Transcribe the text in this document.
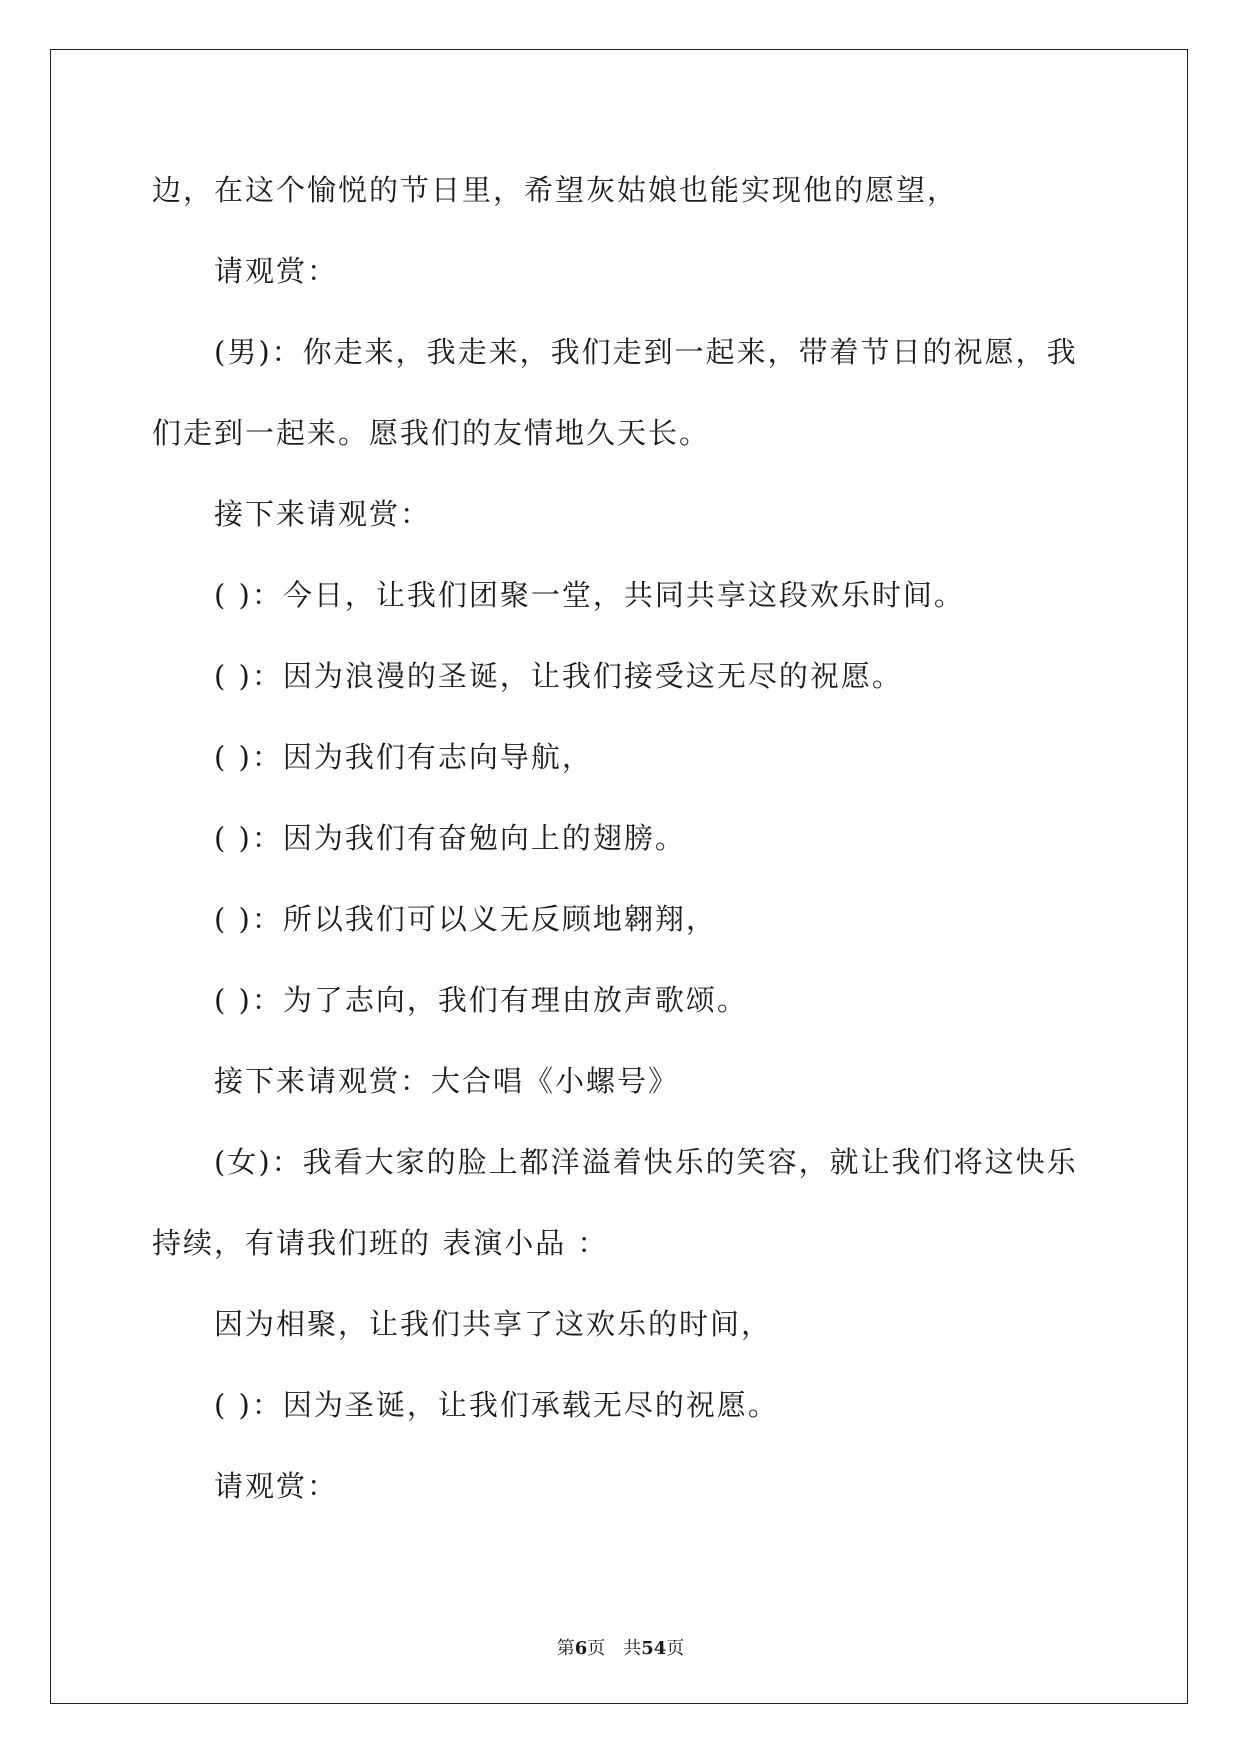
边，在这个愉悦的节日里，希望灰姑娘也能实现他的愿望，
请观赏：
(男)：你走来，我走来，我们走到一起来，带着节日的祝愿，我
们走到一起来。愿我们的友情地久天长。
接下来请观赏：
( )：今日，让我们团聚一堂，共同共享这段欢乐时间。
( )：因为浪漫的圣诞，让我们接受这无尽的祝愿。
( )：因为我们有志向导航，
( )：因为我们有奋勉向上的翅膀。
( )：所以我们可以义无反顾地翱翔，
( )：为了志向，我们有理由放声歌颂。
接下来请观赏：大合唱《小螺号》
(女)：我看大家的脸上都洋溢着快乐的笑容，就让我们将这快乐
持续，有请我们班的 表演小品 ：
因为相聚，让我们共享了这欢乐的时间，
( )：因为圣诞，让我们承载无尽的祝愿。
请观赏：
第6页 共54页
